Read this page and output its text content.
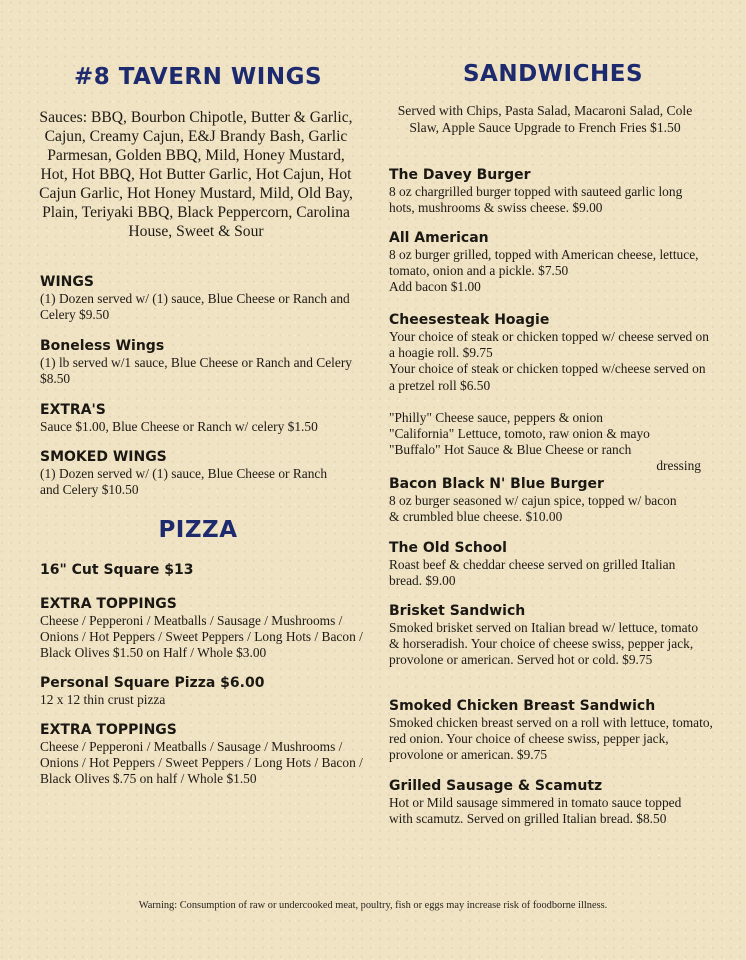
#8 TAVERN WINGS
Sauces: BBQ, Bourbon Chipotle, Butter & Garlic, Cajun, Creamy Cajun, E&J Brandy Bash, Garlic Parmesan, Golden BBQ, Mild, Honey Mustard, Hot, Hot BBQ, Hot Butter Garlic, Hot Cajun, Hot Cajun Garlic, Hot Honey Mustard, Mild, Old Bay, Plain, Teriyaki BBQ, Black Peppercorn, Carolina House, Sweet & Sour
WINGS

(1) Dozen served w/ (1) sauce, Blue Cheese or Ranch and Celery $9.50

Boneless Wings

(1) lb served w/1 sauce, Blue Cheese or Ranch and Celery $8.50

EXTRA'S

Sauce $1.00, Blue Cheese or Ranch w/ celery $1.50

SMOKED WINGS

(1) Dozen served w/ (1) sauce, Blue Cheese or Ranch and Celery $10.50

PIZZA
16" Cut Square $13
EXTRA TOPPINGS

Cheese / Pepperoni / Meatballs / Sausage / Mushrooms / Onions / Hot Peppers / Sweet Peppers / Long Hots / Bacon / Black Olives $1.50 on Half / Whole $3.00

Personal Square Pizza $6.00

12 x 12 thin crust pizza

EXTRA TOPPINGS

Cheese / Pepperoni / Meatballs / Sausage / Mushrooms / Onions / Hot Peppers / Sweet Peppers / Long Hots / Bacon / Black Olives $.75 on half / Whole $1.50

SANDWICHES
Served with Chips, Pasta Salad, Macaroni Salad, Cole Slaw, Apple Sauce Upgrade to French Fries $1.50
The Davey Burger

8 oz chargrilled burger topped with sauteed garlic long hots, mushrooms & swiss cheese. $9.00

All American

8 oz burger grilled, topped with American cheese, lettuce, tomato, onion and a pickle. $7.50
Add bacon $1.00

Cheesesteak Hoagie

Your choice of steak or chicken topped w/ cheese served on a hoagie roll. $9.75
Your choice of steak or chicken topped w/cheese served on a pretzel roll $6.50

"Philly" Cheese sauce, peppers & onion
"California" Lettuce, tomoto, raw onion & mayo
"Buffalo" Hot Sauce & Blue Cheese or ranch
dressing

Bacon Black N' Blue Burger

8 oz burger seasoned w/ cajun spice, topped w/ bacon & crumbled blue cheese. $10.00

The Old School

Roast beef & cheddar cheese served on grilled Italian bread. $9.00

Brisket Sandwich

Smoked brisket served on Italian bread w/ lettuce, tomato & horseradish. Your choice of cheese swiss, pepper jack, provolone or american. Served hot or cold. $9.75

Smoked Chicken Breast Sandwich

Smoked chicken breast served on a roll with lettuce, tomato, red onion. Your choice of cheese swiss, pepper jack, provolone or american. $9.75

Grilled Sausage & Scamutz

Hot or Mild sausage simmered in tomato sauce topped with scamutz. Served on grilled Italian bread. $8.50

Warning: Consumption of raw or undercooked meat, poultry, fish or eggs may increase risk of foodborne illness.
